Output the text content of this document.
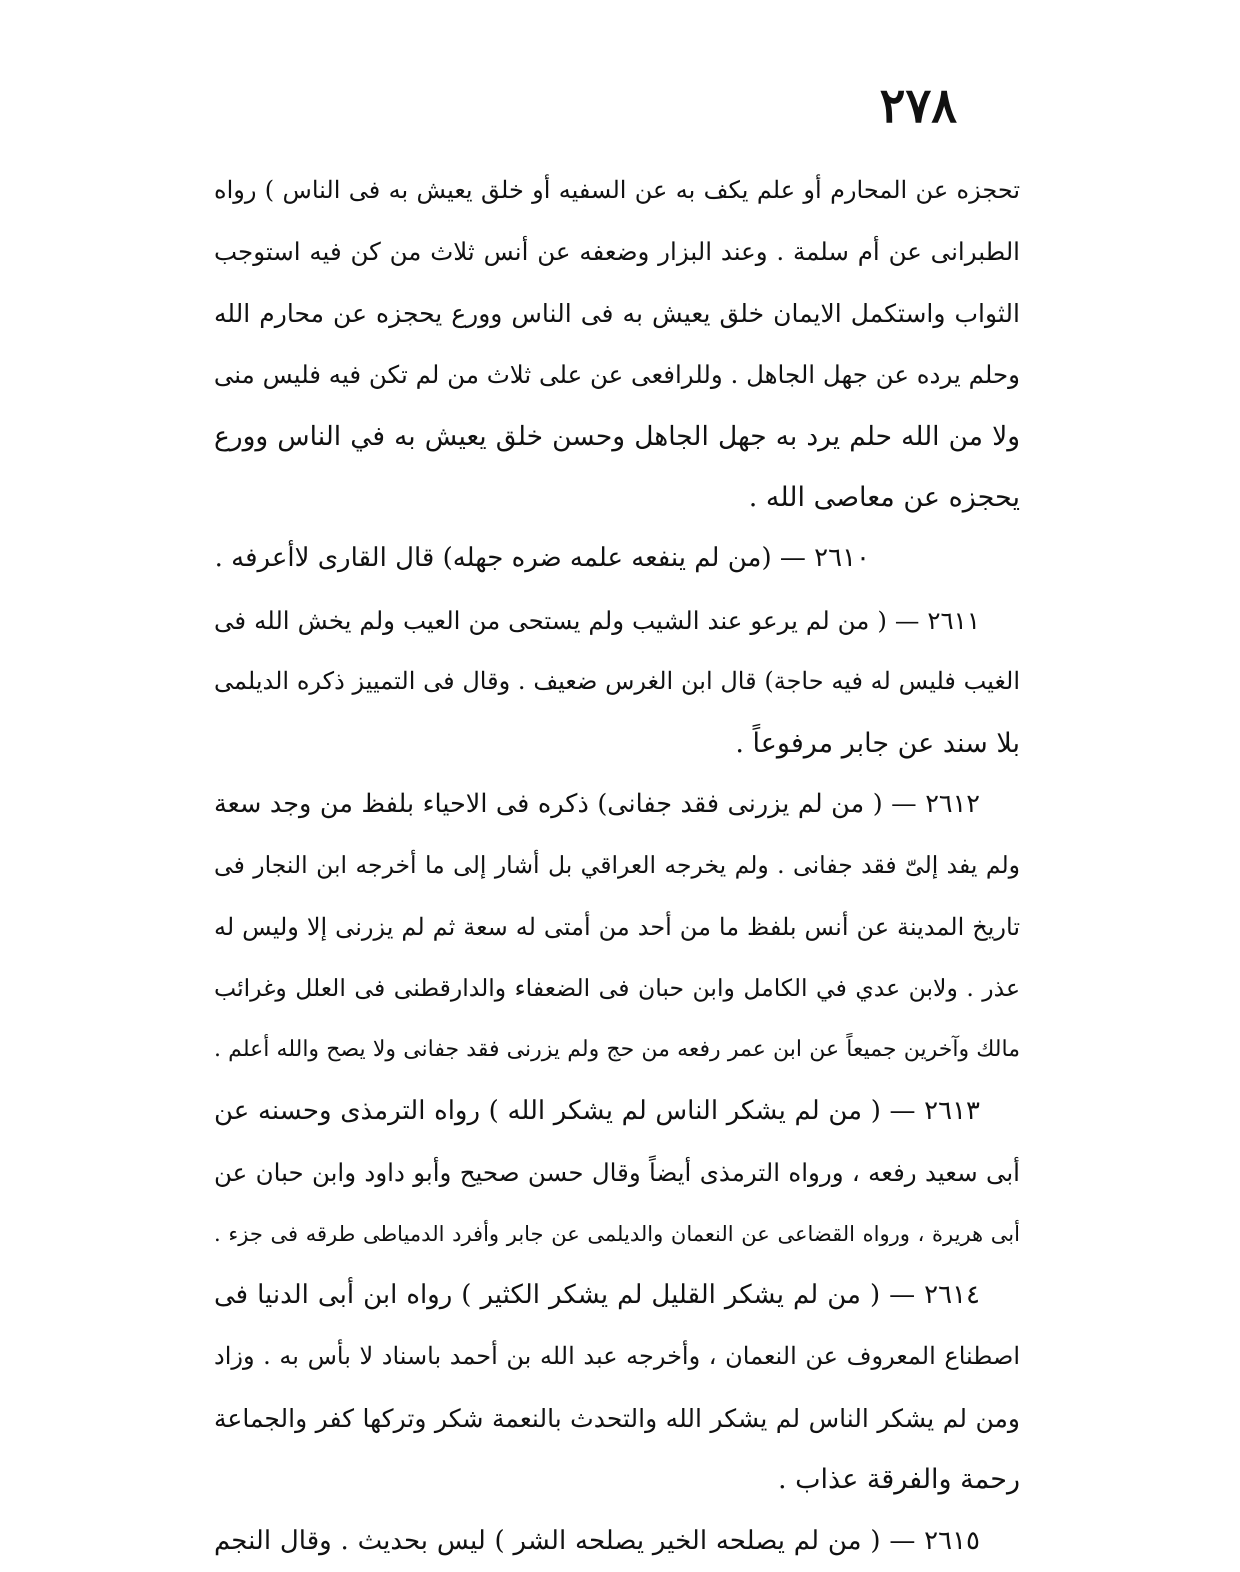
٢٧٨
تحجزه عن المحارم أو علم يكف به عن السفيه أو خلق يعيش به فى الناس ) رواه
الطبرانى عن أم سلمة . وعند البزار وضعفه عن أنس ثلاث من كن فيه استوجب
الثواب واستكمل الايمان خلق يعيش به فى الناس وورع يحجزه عن محارم الله
وحلم يرده عن جهل الجاهل . وللرافعى عن على ثلاث من لم تكن فيه فليس منى
ولا من الله حلم يرد به جهل الجاهل وحسن خلق يعيش به في الناس وورع
يحجزه عن معاصى الله .
٢٦١٠ — (من لم ينفعه علمه ضره جهله) قال القارى لاأعرفه .
٢٦١١ — ( من لم يرعو عند الشيب ولم يستحى من العيب ولم يخش الله فى
الغيب فليس له فيه حاجة) قال ابن الغرس ضعيف . وقال فى التمييز ذكره الديلمى
بلا سند عن جابر مرفوعاً .
٢٦١٢ — ( من لم يزرنى فقد جفانى) ذكره فى الاحياء بلفظ من وجد سعة
ولم يفد إلىّ فقد جفانى . ولم يخرجه العراقي بل أشار إلى ما أخرجه ابن النجار فى
تاريخ المدينة عن أنس بلفظ ما من أحد من أمتى له سعة ثم لم يزرنى إلا وليس له
عذر . ولابن عدي في الكامل وابن حبان فى الضعفاء والدارقطنى فى العلل وغرائب
مالك وآخرين جميعاً عن ابن عمر رفعه من حج ولم يزرنى فقد جفانى ولا يصح والله أعلم .
٢٦١٣ — ( من لم يشكر الناس لم يشكر الله ) رواه الترمذى وحسنه عن
أبى سعيد رفعه ، ورواه الترمذى أيضاً وقال حسن صحيح وأبو داود وابن حبان عن
أبى هريرة ، ورواه القضاعى عن النعمان والديلمى عن جابر وأفرد الدمياطى طرقه فى جزء .
٢٦١٤ — ( من لم يشكر القليل لم يشكر الكثير ) رواه ابن أبى الدنيا فى
اصطناع المعروف عن النعمان ، وأخرجه عبد الله بن أحمد باسناد لا بأس به . وزاد
ومن لم يشكر الناس لم يشكر الله والتحدث بالنعمة شكر وتركها كفر والجماعة
رحمة والفرقة عذاب .
٢٦١٥ — ( من لم يصلحه الخير يصلحه الشر ) ليس بحديث . وقال النجم
